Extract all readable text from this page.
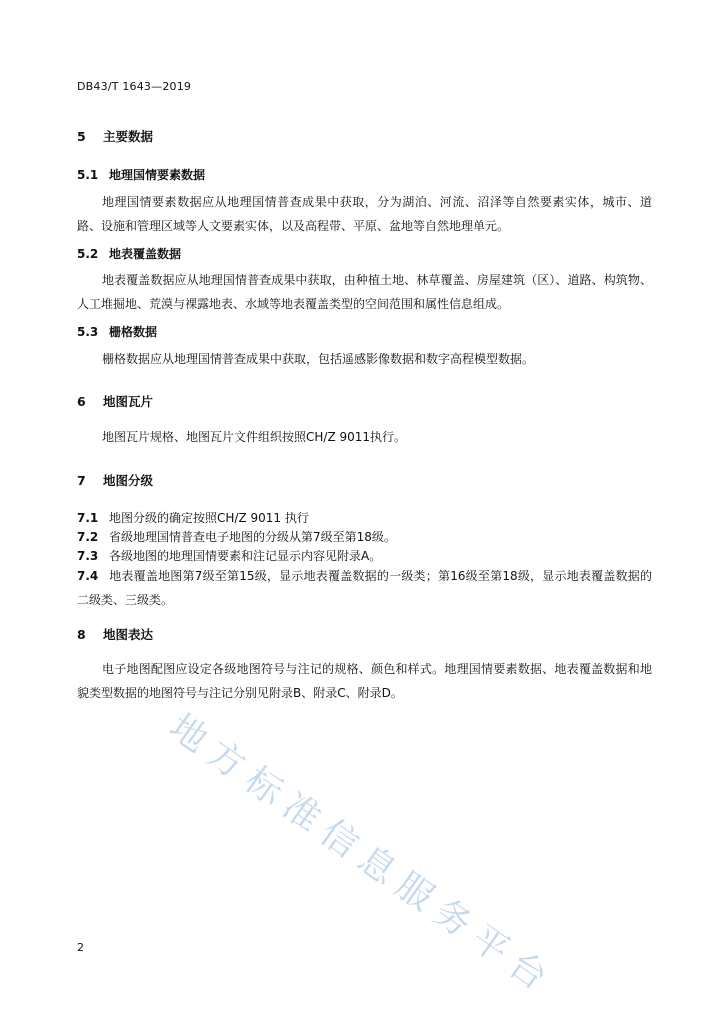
DB43/T 1643—2019
5 主要数据
5.1 地理国情要素数据
地理国情要素数据应从地理国情普查成果中获取，分为湖泊、河流、沼泽等自然要素实体，城市、道路、设施和管理区域等人文要素实体，以及高程带、平原、盆地等自然地理单元。
5.2 地表覆盖数据
地表覆盖数据应从地理国情普查成果中获取，由种植土地、林草覆盖、房屋建筑（区）、道路、构筑物、人工堆掘地、荒漠与裸露地表、水域等地表覆盖类型的空间范围和属性信息组成。
5.3 栅格数据
栅格数据应从地理国情普查成果中获取，包括遥感影像数据和数字高程模型数据。
6 地图瓦片
地图瓦片规格、地图瓦片文件组织按照CH/Z 9011执行。
7 地图分级
7.1 地图分级的确定按照CH/Z 9011 执行
7.2 省级地理国情普查电子地图的分级从第7级至第18级。
7.3 各级地图的地理国情要素和注记显示内容见附录A。
7.4 地表覆盖地图第7级至第15级，显示地表覆盖数据的一级类；第16级至第18级，显示地表覆盖数据的二级类、三级类。
8 地图表达
电子地图配图应设定各级地图符号与注记的规格、颜色和样式。地理国情要素数据、地表覆盖数据和地貌类型数据的地图符号与注记分别见附录B、附录C、附录D。
地方标准信息服务平台
2
